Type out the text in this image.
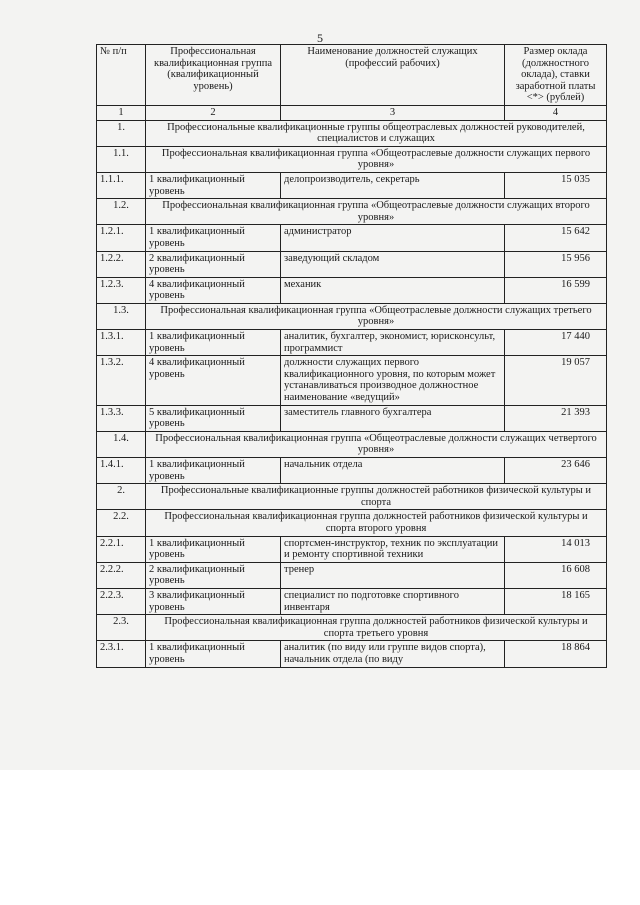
5
№ п/п	Профессиональная квалификационная группа (квалификационный уровень)	Наименование должностей служащих (профессий рабочих)	Размер оклада (должностного оклада), ставки заработной платы <*> (рублей)
1	2	3	4
1.	Профессиональные квалификационные группы общеотраслевых должностей руководителей, специалистов и служащих		
1.1.	Профессиональная квалификационная группа «Общеотраслевые должности служащих первого уровня»		
1.1.1.	1 квалификационный уровень	делопроизводитель, секретарь	15 035
1.2.	Профессиональная квалификационная группа «Общеотраслевые должности служащих второго уровня»		
1.2.1.	1 квалификационный уровень	администратор	15 642
1.2.2.	2 квалификационный уровень	заведующий складом	15 956
1.2.3.	4 квалификационный уровень	механик	16 599
1.3.	Профессиональная квалификационная группа «Общеотраслевые должности служащих третьего уровня»		
1.3.1.	1 квалификационный уровень	аналитик, бухгалтер, экономист, юрисконсульт, программист	17 440
1.3.2.	4 квалификационный уровень	должности служащих первого квалификационного уровня, по которым может устанавливаться производное должностное наименование «ведущий»	19 057
1.3.3.	5 квалификационный уровень	заместитель главного бухгалтера	21 393
1.4.	Профессиональная квалификационная группа «Общеотраслевые должности служащих четвертого уровня»		
1.4.1.	1 квалификационный уровень	начальник отдела	23 646
2.	Профессиональные квалификационные группы должностей работников физической культуры и спорта		
2.2.	Профессиональная квалификационная группа должностей работников физической культуры и спорта второго уровня		
2.2.1.	1 квалификационный уровень	спортсмен-инструктор, техник по эксплуатации и ремонту спортивной техники	14 013
2.2.2.	2 квалификационный уровень	тренер	16 608
2.2.3.	3 квалификационный уровень	специалист по подготовке спортивного инвентаря	18 165
2.3.	Профессиональная квалификационная группа должностей работников физической культуры и спорта третьего уровня		
2.3.1.	1 квалификационный уровень	аналитик (по виду или группе видов спорта), начальник отдела (по виду	18 864
